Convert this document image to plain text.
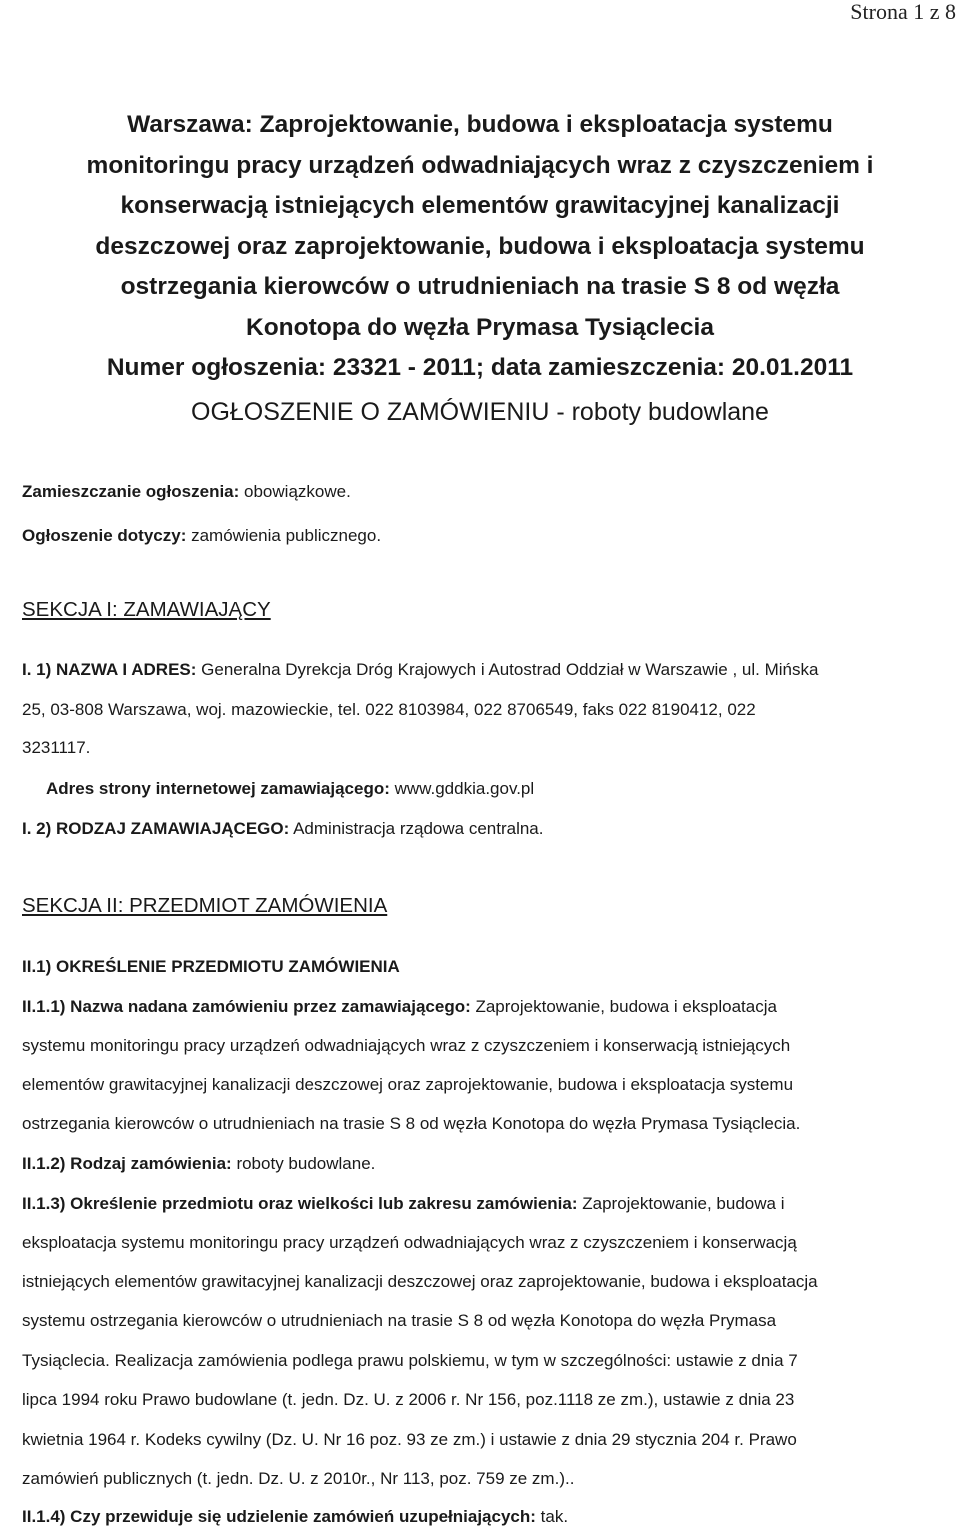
Strona 1 z 8
Warszawa: Zaprojektowanie, budowa i eksploatacja systemu
monitoringu pracy urządzeń odwadniających wraz z czyszczeniem i
konserwacją istniejących elementów grawitacyjnej kanalizacji
deszczowej oraz zaprojektowanie, budowa i eksploatacja systemu
ostrzegania kierowców o utrudnieniach na trasie S 8 od węzła
Konotopa do węzła Prymasa Tysiąclecia
Numer ogłoszenia: 23321 - 2011; data zamieszczenia: 20.01.2011
OGŁOSZENIE O ZAMÓWIENIU - roboty budowlane
Zamieszczanie ogłoszenia: obowiązkowe.
Ogłoszenie dotyczy: zamówienia publicznego.
SEKCJA I: ZAMAWIAJĄCY
I. 1) NAZWA I ADRES: Generalna Dyrekcja Dróg Krajowych i Autostrad Oddział w Warszawie , ul. Mińska
25, 03-808 Warszawa, woj. mazowieckie, tel. 022 8103984, 022 8706549, faks 022 8190412, 022
3231117.
Adres strony internetowej zamawiającego: www.gddkia.gov.pl
I. 2) RODZAJ ZAMAWIAJĄCEGO: Administracja rządowa centralna.
SEKCJA II: PRZEDMIOT ZAMÓWIENIA
II.1) OKREŚLENIE PRZEDMIOTU ZAMÓWIENIA
II.1.1) Nazwa nadana zamówieniu przez zamawiającego: Zaprojektowanie, budowa i eksploatacja
systemu monitoringu pracy urządzeń odwadniających wraz z czyszczeniem i konserwacją istniejących
elementów grawitacyjnej kanalizacji deszczowej oraz zaprojektowanie, budowa i eksploatacja systemu
ostrzegania kierowców o utrudnieniach na trasie S 8 od węzła Konotopa do węzła Prymasa Tysiąclecia.
II.1.2) Rodzaj zamówienia: roboty budowlane.
II.1.3) Określenie przedmiotu oraz wielkości lub zakresu zamówienia: Zaprojektowanie, budowa i
eksploatacja systemu monitoringu pracy urządzeń odwadniających wraz z czyszczeniem i konserwacją
istniejących elementów grawitacyjnej kanalizacji deszczowej oraz zaprojektowanie, budowa i eksploatacja
systemu ostrzegania kierowców o utrudnieniach na trasie S 8 od węzła Konotopa do węzła Prymasa
Tysiąclecia. Realizacja zamówienia podlega prawu polskiemu, w tym w szczególności: ustawie z dnia 7
lipca 1994 roku Prawo budowlane (t. jedn. Dz. U. z 2006 r. Nr 156, poz.1118 ze zm.), ustawie z dnia 23
kwietnia 1964 r. Kodeks cywilny (Dz. U. Nr 16 poz. 93 ze zm.) i ustawie z dnia 29 stycznia 204 r. Prawo
zamówień publicznych (t. jedn. Dz. U. z 2010r., Nr 113, poz. 759 ze zm.)..
II.1.4) Czy przewiduje się udzielenie zamówień uzupełniających: tak.
